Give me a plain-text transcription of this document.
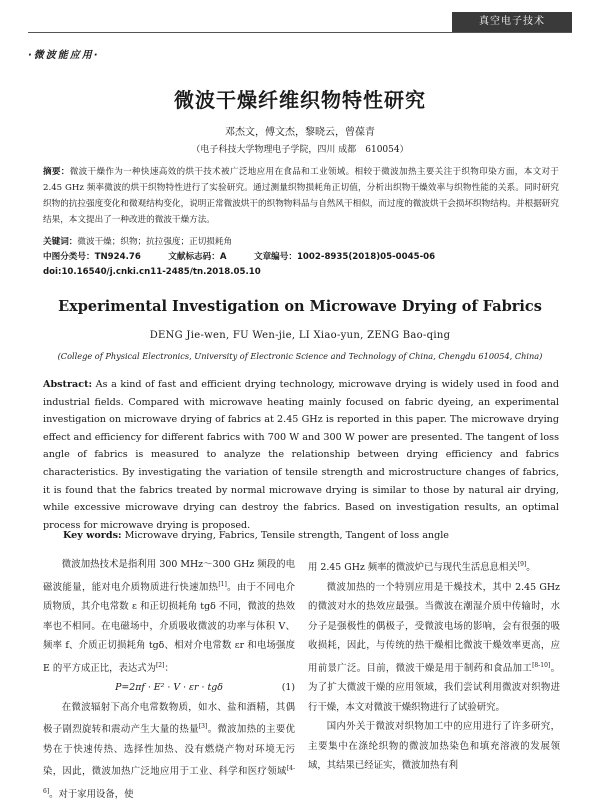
真空电子技术
·微波能应用·
微波干燥纤维织物特性研究
邓杰文，傅文杰，黎晓云，曾葆青
（电子科技大学物理电子学院，四川 成都　610054）
摘要：微波干燥作为一种快速高效的烘干技术被广泛地应用在食品和工业领域。相较于微波加热主要关注于织物印染方面，本文对于 2.45 GHz 频率微波的烘干织物特性进行了实验研究。通过测量织物损耗角正切值，分析出织物干燥效率与织物性能的关系。同时研究织物的抗拉强度变化和微观结构变化，说明正常微波烘干的织物物料品与自然风干相似，而过度的微波烘干会损坏织物结构。并根据研究结果，本文提出了一种改进的微波干燥方法。
关键词：微波干燥；织物；抗拉强度；正切损耗角
中图分类号：TN924.76	文献标志码：A	文章编号：1002-8935(2018)05-0045-06
doi:10.16540/j.cnki.cn11-2485/tn.2018.05.10
Experimental Investigation on Microwave Drying of Fabrics
DENG Jie-wen, FU Wen-jie, LI Xiao-yun, ZENG Bao-qing
(College of Physical Electronics, University of Electronic Science and Technology of China, Chengdu 610054, China)
Abstract: As a kind of fast and efficient drying technology, microwave drying is widely used in food and industrial fields. Compared with microwave heating mainly focused on fabric dyeing, an experimental investigation on microwave drying of fabrics at 2.45 GHz is reported in this paper. The microwave drying effect and efficiency for different fabrics with 700 W and 300 W power are presented. The tangent of loss angle of fabrics is measured to analyze the relationship between drying efficiency and fabrics characteristics. By investigating the variation of tensile strength and microstructure changes of fabrics, it is found that the fabrics treated by normal microwave drying is similar to those by natural air drying, while excessive microwave drying can destroy the fabrics. Based on investigation results, an optimal process for microwave drying is proposed.
Key words: Microwave drying, Fabrics, Tensile strength, Tangent of loss angle

微波加热技术是指利用 300 MHz～300 GHz 频段的电磁波能量，能对电介质物质进行快速加热[1]。由于不同电介质物质，其介电常数 ε 和正切损耗角 tgδ 不同，微波的热效率也不相同。在电磁场中，介质吸收微波的功率与体积 V、频率 f、介质正切损耗角 tgδ、相对介电常数 εr 和电场强度 E 的平方成正比，表达式为[2]：

P=2πf · E² · V · εr · tgδ	(1)

在微波辐射下高介电常数物质，如水、盐和酒精，其偶极子剧烈旋转和震动产生大量的热量[3]。微波加热的主要优势在于快速传热、选择性加热、没有燃烧产物对环境无污染，因此，微波加热广泛地应用于工业、科学和医疗领域[4-6]。对于家用设备，使

用 2.45 GHz 频率的微波炉已与现代生活息息相关[9]。

微波加热的一个特别应用是干燥技术，其中 2.45 GHz 的微波对水的热效应最强。当微波在潮湿介质中传输时，水分子是强极性的偶极子，受微波电场的影响，会有很强的吸收损耗，因此，与传统的热干燥相比微波干燥效率更高，应用前景广泛。目前，微波干燥是用于制药和食品加工[8-10]。为了扩大微波干燥的应用领域，我们尝试利用微波对织物进行干燥，本文对微波干燥织物进行了试验研究。

国内外关于微波对织物加工中的应用进行了许多研究，主要集中在涤纶织物的微波加热染色和填充溶液的发展领域，其结果已经证实，微波加热有利
